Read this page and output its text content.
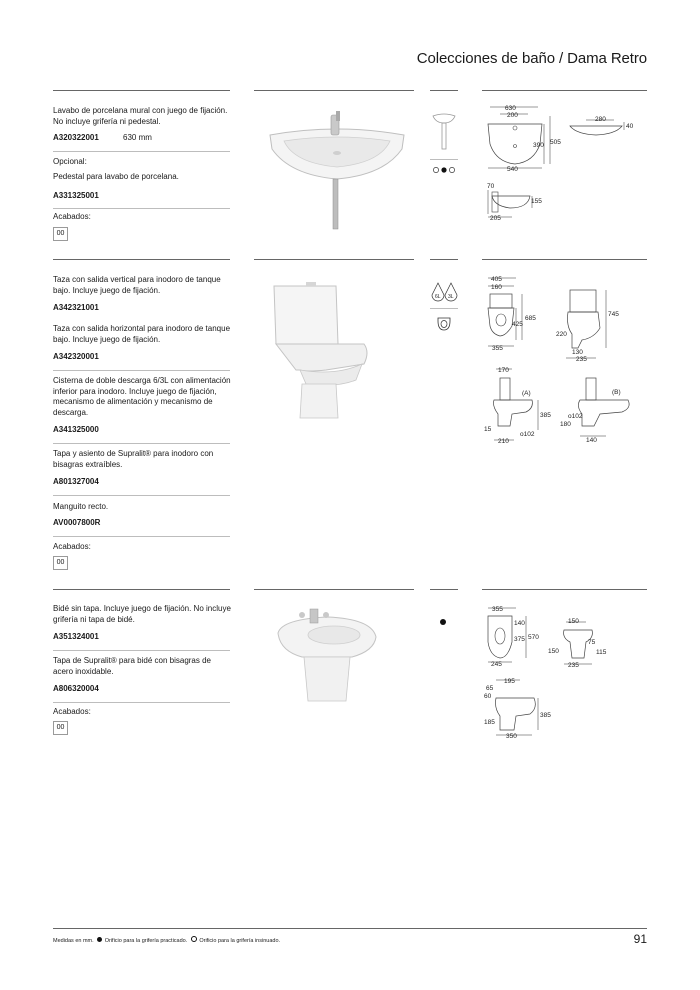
Colecciones de baño / Dama Retro
Lavabo de porcelana mural con juego de fijación. No incluye grifería ni pedestal.
A320322001	630 mm
Opcional:
Pedestal para lavabo de porcelana.
A331325001
Acabados:
00
630
200
390 505
540
280
40
70
155
205
Taza con salida vertical para inodoro de tanque bajo. Incluye juego de fijación.
A342321001
Taza con salida horizontal para inodoro de tanque bajo. Incluye juego de fijación.
A342320001
Cisterna de doble descarga 6/3L con alimentación inferior para inodoro. Incluye juego de fijación, mecanismo de alimentación y mecanismo de descarga.
A341325000
Tapa y asiento de Supralit® para inodoro con bisagras extraíbles.
A801327004
Manguito recto.
AV0007800R
Acabados:
00
6L 3L
405
160
685
425
355
745
220
130
235
170
(A)
385
15
210
o102
(B)
o102
180
140
Bidé sin tapa. Incluye juego de fijación. No incluye grifería ni tapa de bidé.
A351324001
Tapa de Supralit® para bidé con bisagras de acero inoxidable.
A806320004
Acabados:
00
355
140
375 570
245
150
150
75
115
235
195
65
60
385
185
350
Medidas en mm. Orificio para la grifería practicado. Orificio para la grifería insinuado.	91
